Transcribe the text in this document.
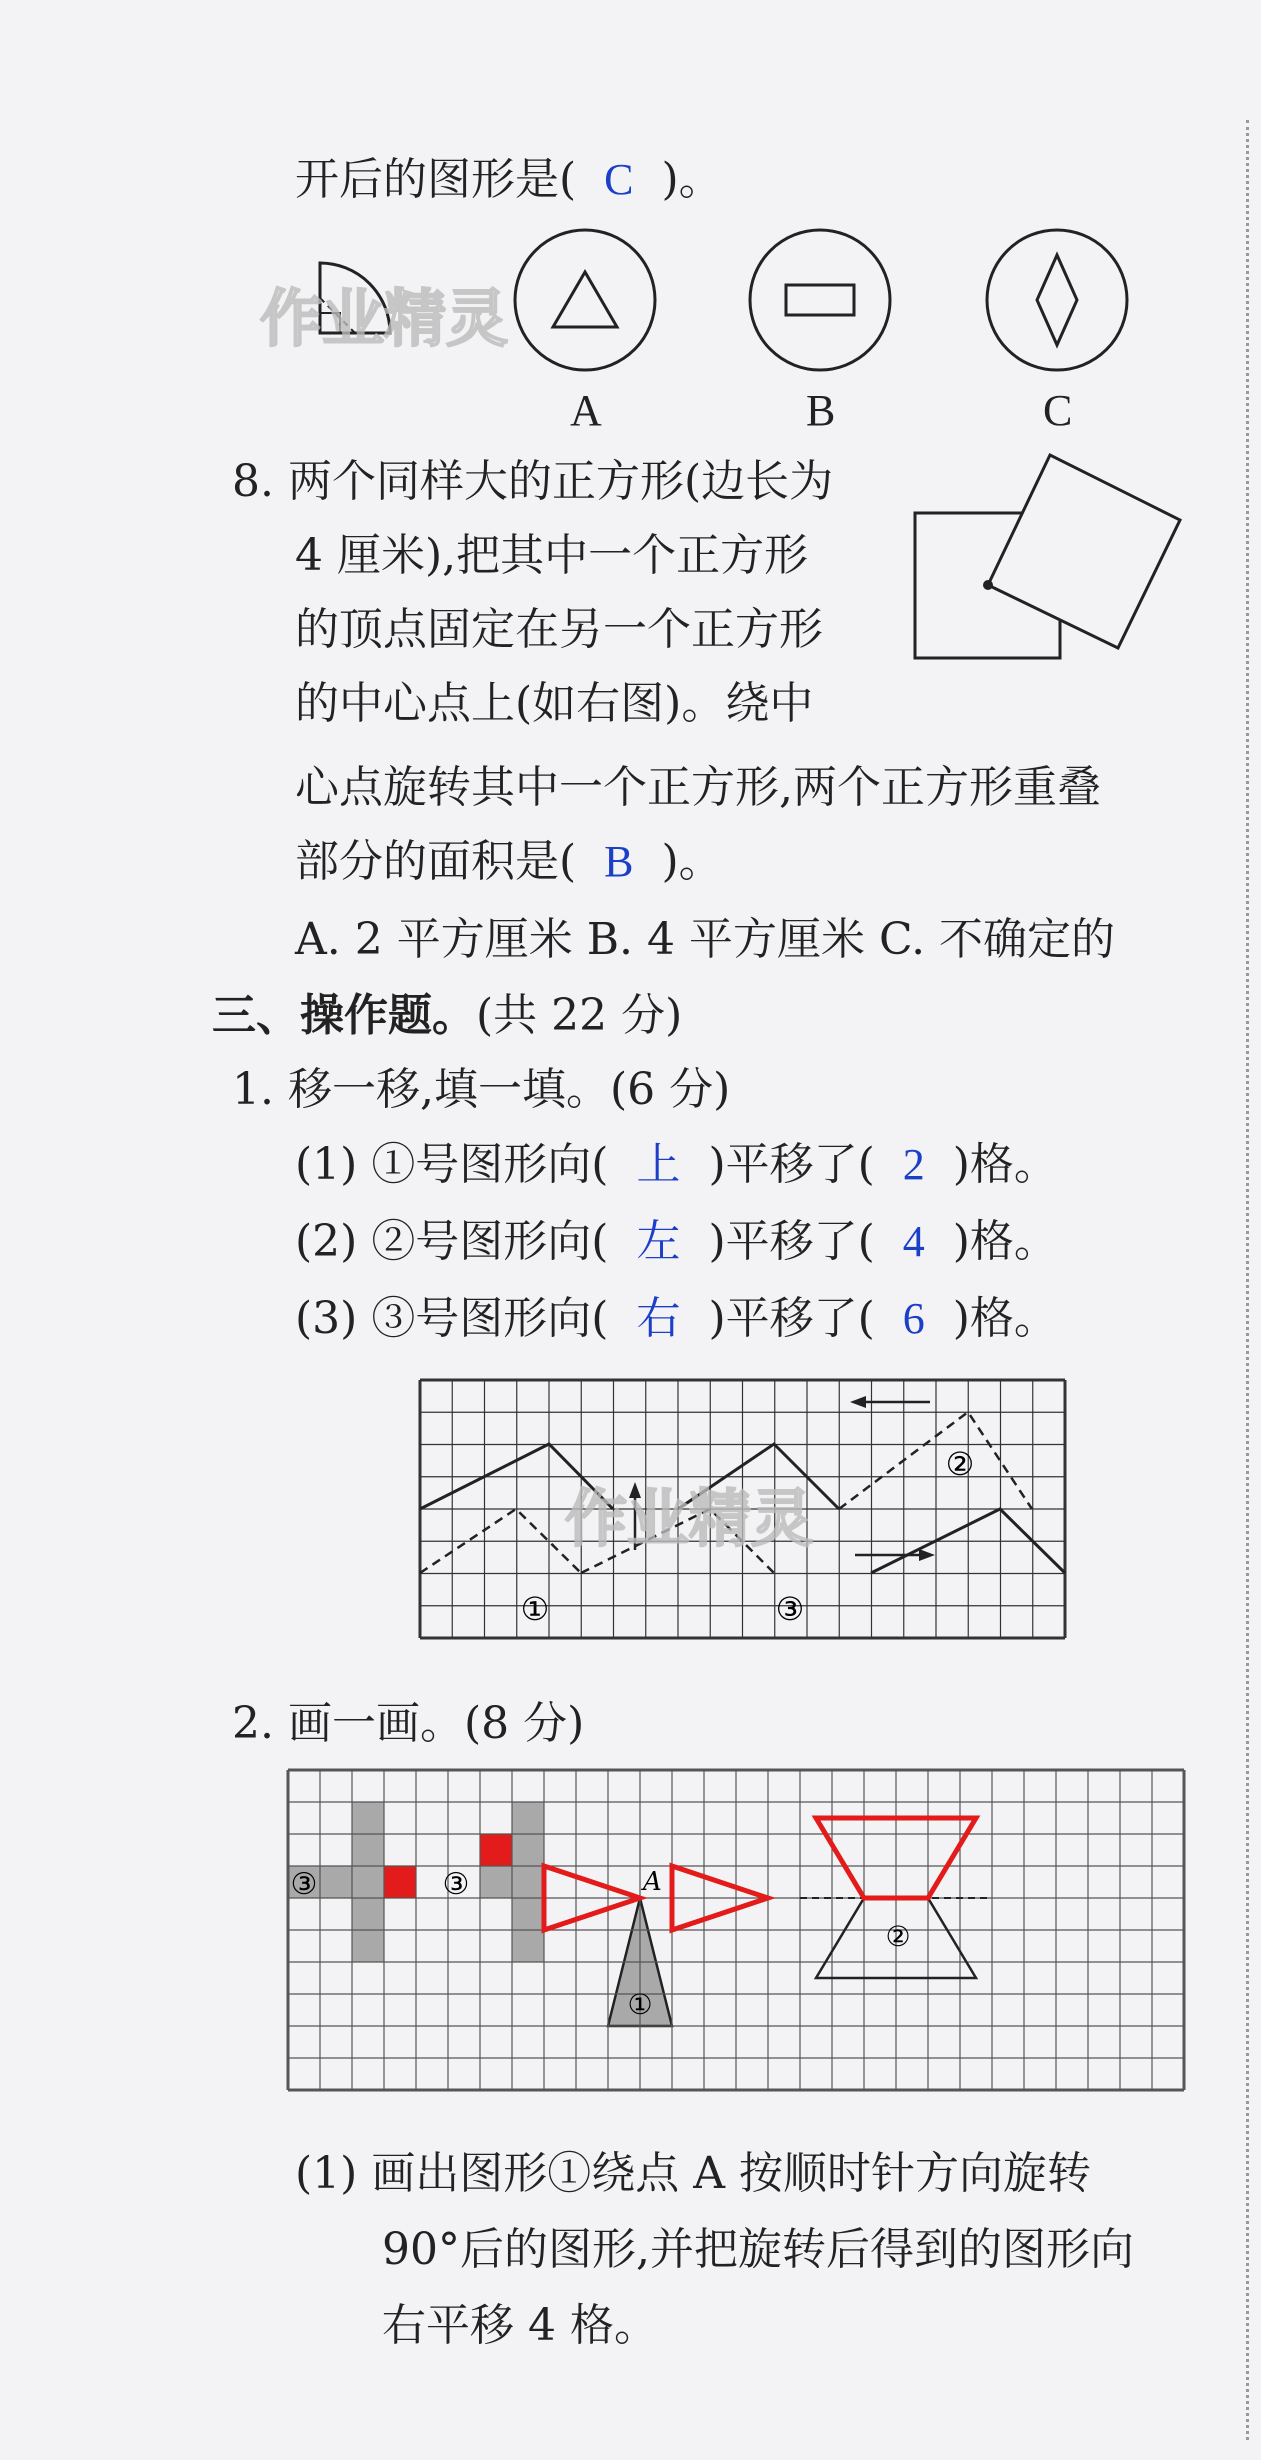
开后的图形是( C )。
作业精灵
A	B	C
8. 两个同样大的正方形(边长为
4 厘米),把其中一个正方形
的顶点固定在另一个正方形
的中心点上(如右图)。绕中
心点旋转其中一个正方形,两个正方形重叠
部分的面积是( B )。
A. 2 平方厘米 B. 4 平方厘米 C. 不确定的
三、操作题。(共 22 分)
1. 移一移,填一填。(6 分)
(1) ①号图形向( 上 )平移了( 2 )格。
(2) ②号图形向( 左 )平移了( 4 )格。
(3) ③号图形向( 右 )平移了( 6 )格。
①
②
③
作业精灵
2. 画一画。(8 分)
③	③
①
②
A
(1) 画出图形①绕点 A 按顺时针方向旋转
90°后的图形,并把旋转后得到的图形向
右平移 4 格。
